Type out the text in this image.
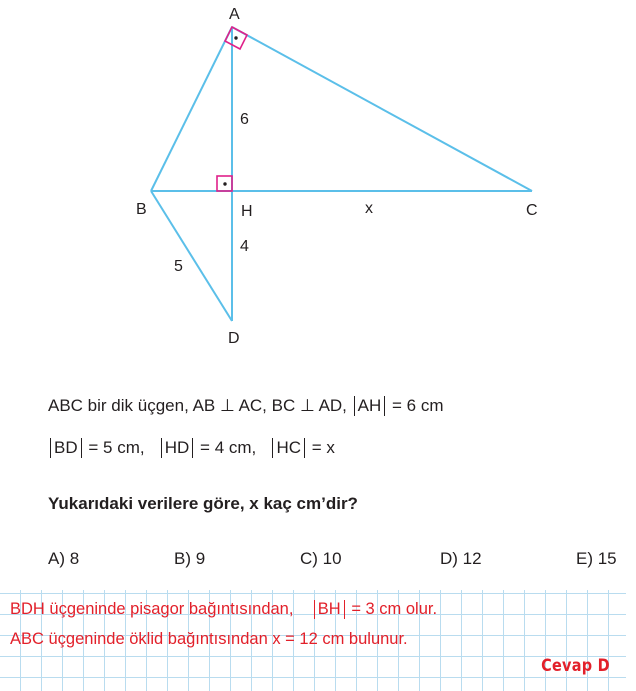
A
B	C
D
H
6
4
5
x
ABC bir dik üçgen, AB ⊥ AC, BC ⊥ AD, AH = 6 cm
BD = 5 cm, HD = 4 cm, HC = x
Yukarıdaki verilere göre, x kaç cm’dir?
A) 8	B) 9	C) 10	D) 12	E) 15
BDH üçgeninde pisagor bağıntısından, BH = 3 cm olur.
ABC üçgeninde öklid bağıntısından x = 12 cm bulunur.
Cevap D
